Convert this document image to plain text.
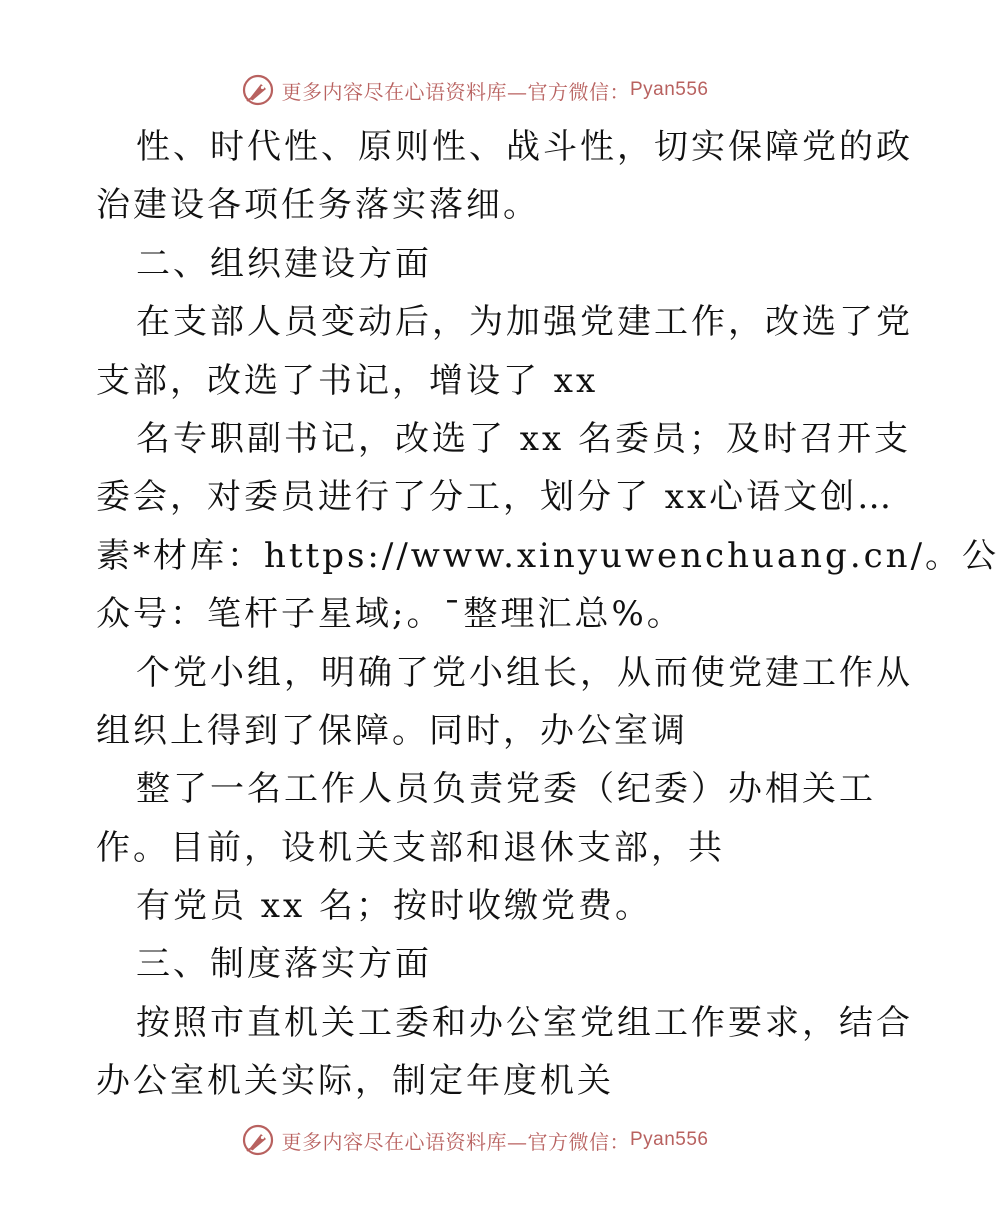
更多内容尽在心语资料库—官方微信： Pyan556
性、时代性、原则性、战斗性，切实保障党的政
治建设各项任务落实落细。
二、组织建设方面
在支部人员变动后，为加强党建工作，改选了党
支部，改选了书记，增设了 xx
名专职副书记，改选了 xx 名委员；及时召开支
委会，对委员进行了分工，划分了 xx心语文创…
素*材库：https://www.xinyuwenchuang.cn/。公
众号：笔杆子星域;。¯整理汇总%。
个党小组，明确了党小组长，从而使党建工作从
组织上得到了保障。同时，办公室调
整了一名工作人员负责党委（纪委）办相关工
作。目前，设机关支部和退休支部，共
有党员 xx 名；按时收缴党费。
三、制度落实方面
按照市直机关工委和办公室党组工作要求，结合
办公室机关实际，制定年度机关
更多内容尽在心语资料库—官方微信： Pyan556
